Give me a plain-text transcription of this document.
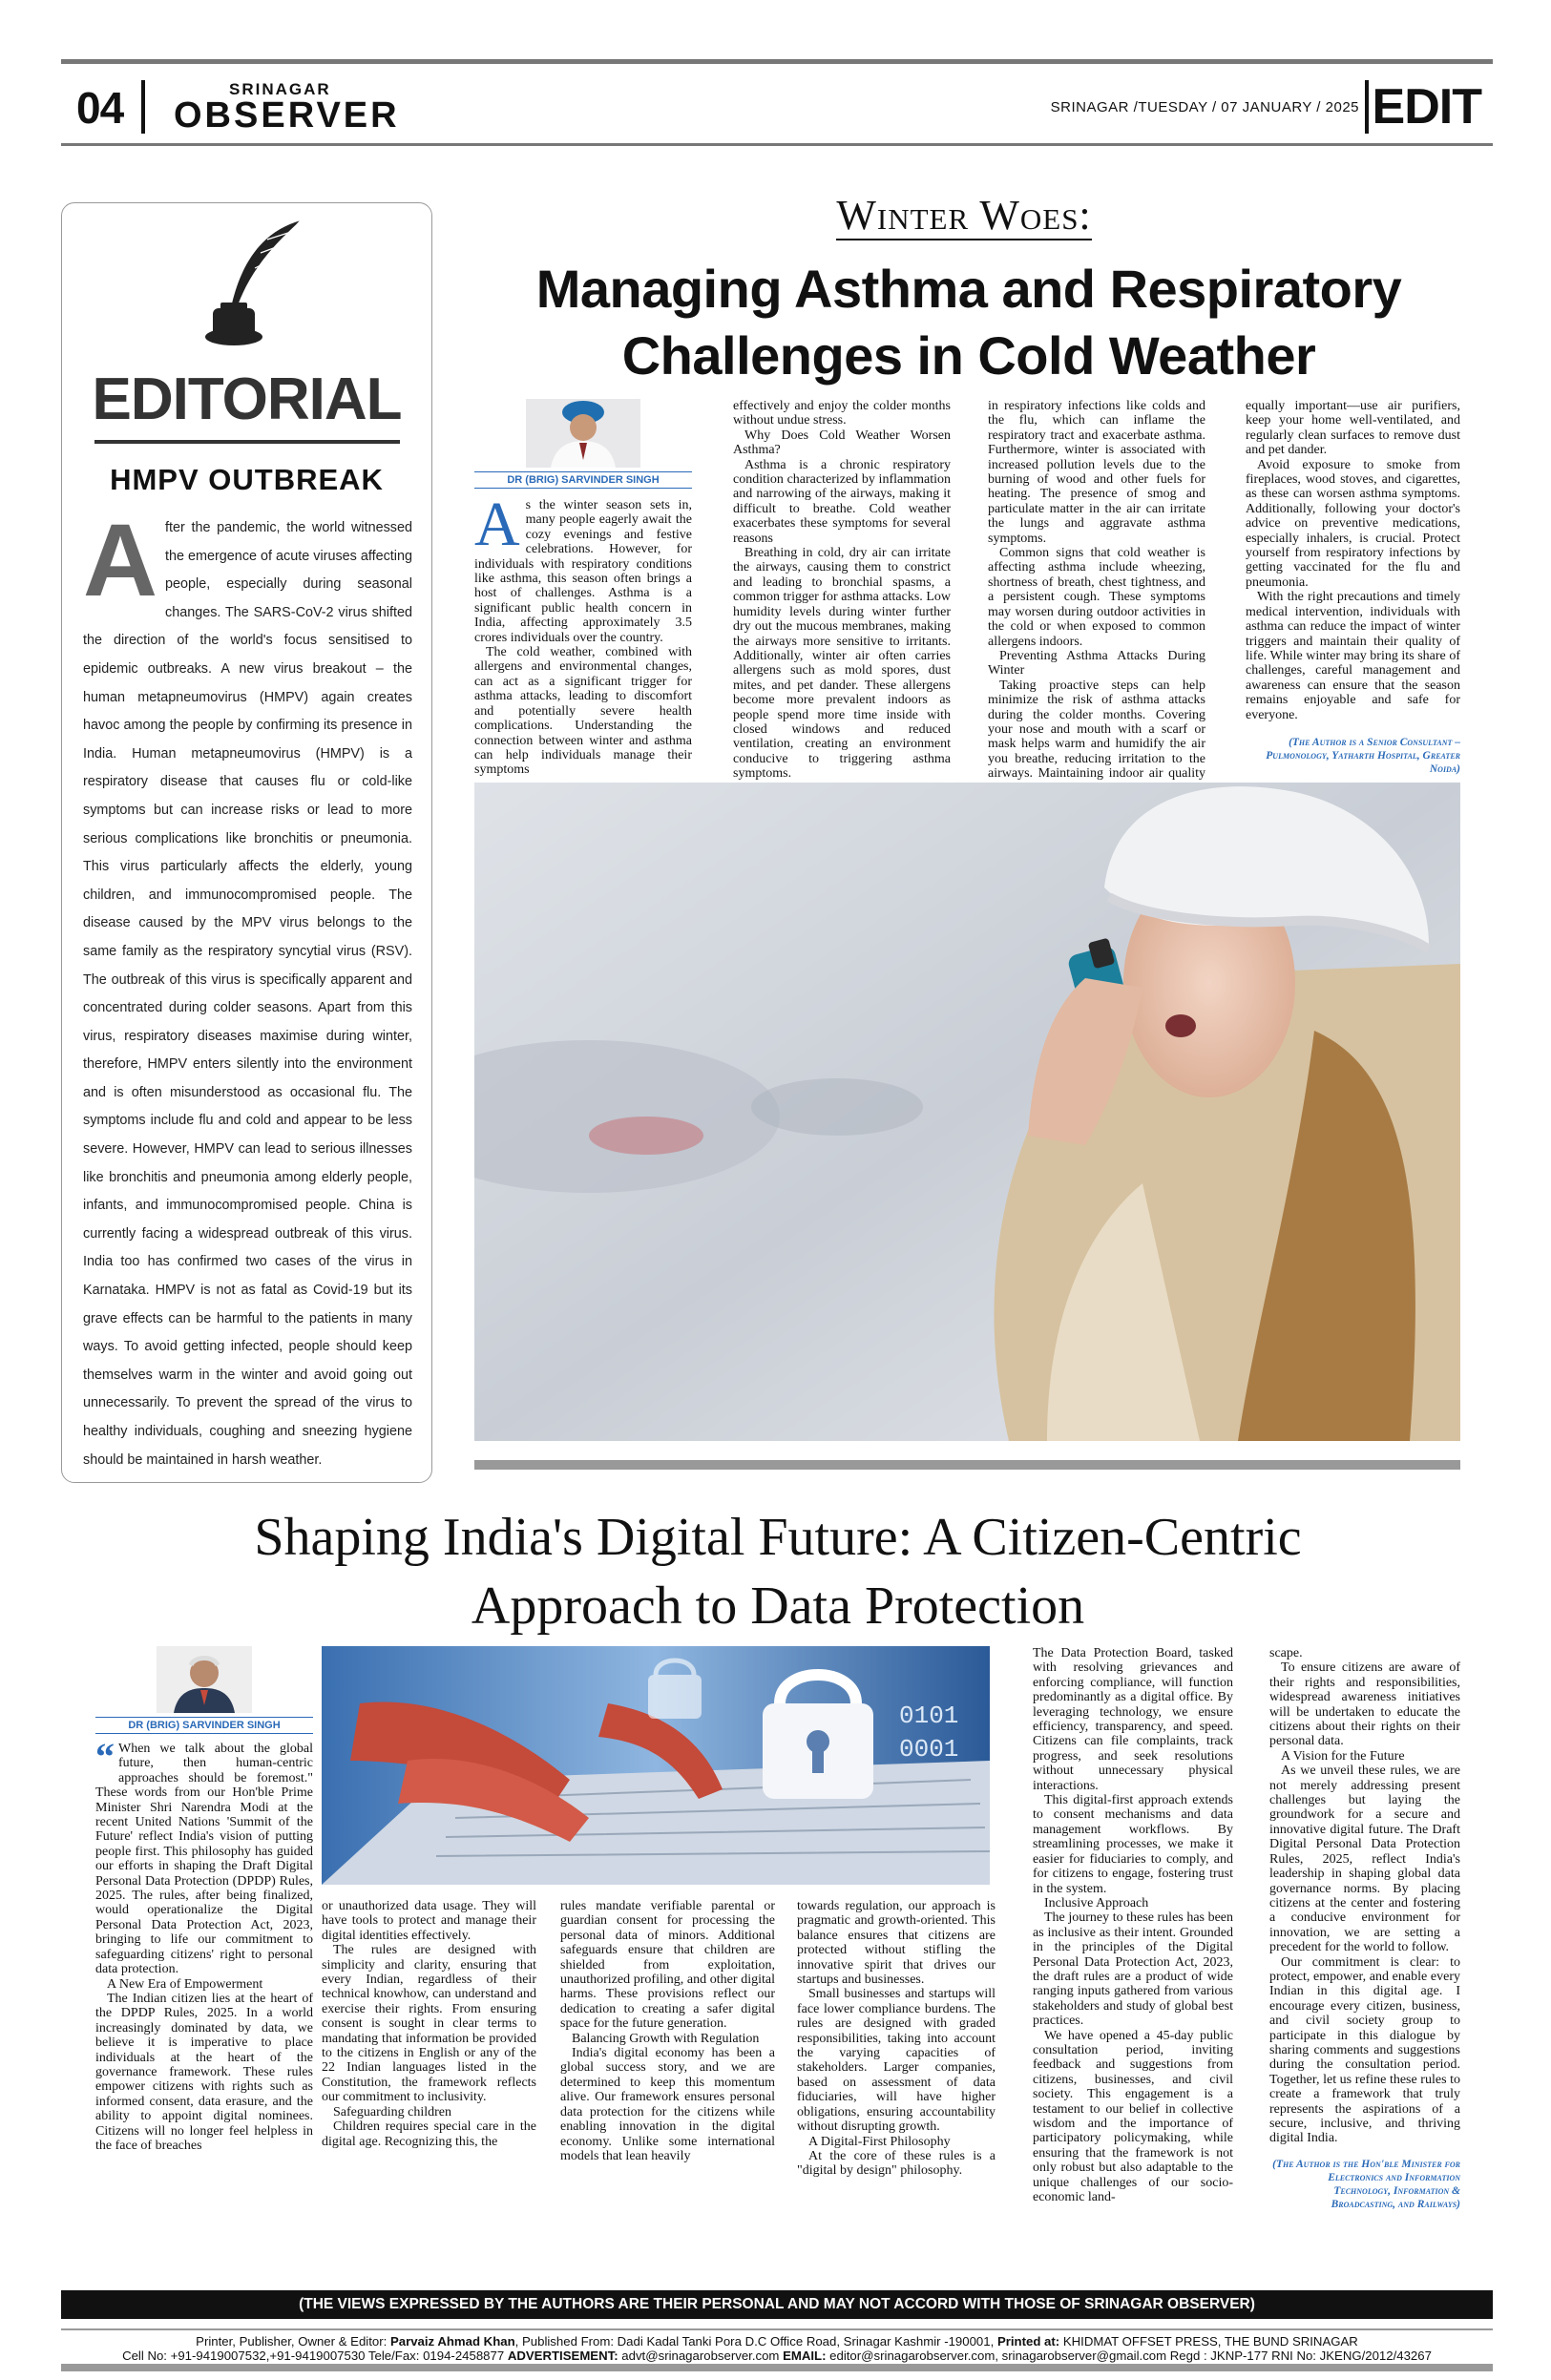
04	SRINAGAR
OBSERVER	SRINAGAR /TUESDAY / 07 JANUARY / 2025 EDIT
EDITORIAL
HMPV OUTBREAK
After the pandemic, the world witnessed the emergence of acute viruses affecting people, especially during seasonal changes. The SARS-CoV-2 virus shifted the direction of the world's focus sensitised to epidemic outbreaks. A new virus breakout – the human metapneumovirus (HMPV) again creates havoc among the people by confirming its presence in India. Human metapneumovirus (HMPV) is a respiratory disease that causes flu or cold-like symptoms but can increase risks or lead to more serious complications like bronchitis or pneumonia. This virus particularly affects the elderly, young children, and immunocompromised people. The disease caused by the MPV virus belongs to the same family as the respiratory syncytial virus (RSV). The outbreak of this virus is specifically apparent and concentrated during colder seasons. Apart from this virus, respiratory diseases maximise during winter, therefore, HMPV enters silently into the environment and is often misunderstood as occasional flu. The symptoms include flu and cold and appear to be less severe. However, HMPV can lead to serious illnesses like bronchitis and pneumonia among elderly people, infants, and immunocompromised people. China is currently facing a widespread outbreak of this virus. India too has confirmed two cases of the virus in Karnataka. HMPV is not as fatal as Covid-19 but its grave effects can be harmful to the patients in many ways. To avoid getting infected, people should keep themselves warm in the winter and avoid going out unnecessarily. To prevent the spread of the virus to healthy individuals, coughing and sneezing hygiene should be maintained in harsh weather.
Winter Woes:
Managing Asthma and Respiratory
Challenges in Cold Weather
DR (BRIG) SARVINDER SINGH
A s the winter season sets in, many people eagerly await the cozy evenings and festive celebrations. However, for individuals with respiratory conditions like asthma, this season often brings a host of challenges. Asthma is a significant public health concern in India, affecting approximately 3.5 crores individuals over the country.

The cold weather, combined with allergens and environmental changes, can act as a significant trigger for asthma attacks, leading to discomfort and potentially severe health complications. Understanding the connection between winter and asthma can help individuals manage their symptoms

effectively and enjoy the colder months without undue stress.

Why Does Cold Weather Worsen Asthma?

Asthma is a chronic respiratory condition characterized by inflammation and narrowing of the airways, making it difficult to breathe. Cold weather exacerbates these symptoms for several reasons

Breathing in cold, dry air can irritate the airways, causing them to constrict and leading to bronchial spasms, a common trigger for asthma attacks. Low humidity levels during winter further dry out the mucous membranes, making the airways more sensitive to irritants. Additionally, winter air often carries allergens such as mold spores, dust mites, and pet dander. These allergens become more prevalent indoors as people spend more time inside with closed windows and reduced ventilation, creating an environment conducive to triggering asthma symptoms.

in respiratory infections like colds and the flu, which can inflame the respiratory tract and exacerbate asthma. Furthermore, winter is associated with increased pollution levels due to the burning of wood and other fuels for heating. The presence of smog and particulate matter in the air can irritate the lungs and aggravate asthma symptoms.

Common signs that cold weather is affecting asthma include wheezing, shortness of breath, chest tightness, and a persistent cough. These symptoms may worsen during outdoor activities in the cold or when exposed to common allergens indoors.

Preventing Asthma Attacks During Winter

Taking proactive steps can help minimize the risk of asthma attacks during the colder months. Covering your nose and mouth with a scarf or mask helps warm and humidify the air you breathe, reducing irritation to the airways. Maintaining indoor air quality

equally important—use air purifiers, keep your home well-ventilated, and regularly clean surfaces to remove dust and pet dander.

Avoid exposure to smoke from fireplaces, wood stoves, and cigarettes, as these can worsen asthma symptoms. Additionally, following your doctor's advice on preventive medications, especially inhalers, is crucial. Protect yourself from respiratory infections by getting vaccinated for the flu and pneumonia.

With the right precautions and timely medical intervention, individuals with asthma can reduce the impact of winter triggers and maintain their quality of life. While winter may bring its share of challenges, careful management and awareness can ensure that the season remains enjoyable and safe for everyone.

(The Author is a Senior Consultant – Pulmonology, Yatharth Hospital, Greater Noida)
Shaping India's Digital Future: A Citizen-Centric
Approach to Data Protection
0101
0001
DR (BRIG) SARVINDER SINGH
“ When we talk about the global future, then human-centric approaches should be foremost." These words from our Hon'ble Prime Minister Shri Narendra Modi at the recent United Nations 'Summit of the Future' reflect India's vision of putting people first. This philosophy has guided our efforts in shaping the Draft Digital Personal Data Protection (DPDP) Rules, 2025. The rules, after being finalized, would operationalize the Digital Personal Data Protection Act, 2023, bringing to life our commitment to safeguarding citizens' right to personal data protection.

A New Era of Empowerment

The Indian citizen lies at the heart of the DPDP Rules, 2025. In a world increasingly dominated by data, we believe it is imperative to place individuals at the heart of the governance framework. These rules empower citizens with rights such as informed consent, data erasure, and the ability to appoint digital nominees. Citizens will no longer feel helpless in the face of breaches

or unauthorized data usage. They will have tools to protect and manage their digital identities effectively.

The rules are designed with simplicity and clarity, ensuring that every Indian, regardless of their technical knowhow, can understand and exercise their rights. From ensuring consent is sought in clear terms to mandating that information be provided to the citizens in English or any of the 22 Indian languages listed in the Constitution, the framework reflects our commitment to inclusivity.

Safeguarding children

Children requires special care in the digital age. Recognizing this, the

rules mandate verifiable parental or guardian consent for processing the personal data of minors. Additional safeguards ensure that children are shielded from exploitation, unauthorized profiling, and other digital harms. These provisions reflect our dedication to creating a safer digital space for the future generation.

Balancing Growth with Regulation

India's digital economy has been a global success story, and we are determined to keep this momentum alive. Our framework ensures personal data protection for the citizens while enabling innovation in the digital economy. Unlike some international models that lean heavily

towards regulation, our approach is pragmatic and growth-oriented. This balance ensures that citizens are protected without stifling the innovative spirit that drives our startups and businesses.

Small businesses and startups will face lower compliance burdens. The rules are designed with graded responsibilities, taking into account the varying capacities of stakeholders. Larger companies, based on assessment of data fiduciaries, will have higher obligations, ensuring accountability without disrupting growth.

A Digital-First Philosophy

At the core of these rules is a "digital by design" philosophy.

The Data Protection Board, tasked with resolving grievances and enforcing compliance, will function predominantly as a digital office. By leveraging technology, we ensure efficiency, transparency, and speed. Citizens can file complaints, track progress, and seek resolutions without unnecessary physical interactions.

This digital-first approach extends to consent mechanisms and data management workflows. By streamlining processes, we make it easier for fiduciaries to comply, and for citizens to engage, fostering trust in the system.

Inclusive Approach

The journey to these rules has been as inclusive as their intent. Grounded in the principles of the Digital Personal Data Protection Act, 2023, the draft rules are a product of wide ranging inputs gathered from various stakeholders and study of global best practices.

We have opened a 45-day public consultation period, inviting feedback and suggestions from citizens, businesses, and civil society. This engagement is a testament to our belief in collective wisdom and the importance of participatory policymaking, while ensuring that the framework is not only robust but also adaptable to the unique challenges of our socio-economic land-

scape.

To ensure citizens are aware of their rights and responsibilities, widespread awareness initiatives will be undertaken to educate the citizens about their rights on their personal data.

A Vision for the Future

As we unveil these rules, we are not merely addressing present challenges but laying the groundwork for a secure and innovative digital future. The Draft Digital Personal Data Protection Rules, 2025, reflect India's leadership in shaping global data governance norms. By placing citizens at the center and fostering a conducive environment for innovation, we are setting a precedent for the world to follow.

Our commitment is clear: to protect, empower, and enable every Indian in this digital age. I encourage every citizen, business, and civil society group to participate in this dialogue by sharing comments and suggestions during the consultation period. Together, let us refine these rules to create a framework that truly represents the aspirations of a secure, inclusive, and thriving digital India.

(The Author is the Hon'ble Minister for Electronics and Information Technology, Information & Broadcasting, and Railways)
(THE VIEWS EXPRESSED BY THE AUTHORS ARE THEIR PERSONAL AND MAY NOT ACCORD WITH THOSE OF SRINAGAR OBSERVER)
Printer, Publisher, Owner & Editor: Parvaiz Ahmad Khan, Published From: Dadi Kadal Tanki Pora D.C Office Road, Srinagar Kashmir -190001, Printed at: KHIDMAT OFFSET PRESS, THE BUND SRINAGAR
Cell No: +91-9419007532,+91-9419007530 Tele/Fax: 0194-2458877 ADVERTISEMENT: advt@srinagarobserver.com EMAIL: editor@srinagarobserver.com, srinagarobserver@gmail.com Regd : JKNP-177 RNI No: JKENG/2012/43267
